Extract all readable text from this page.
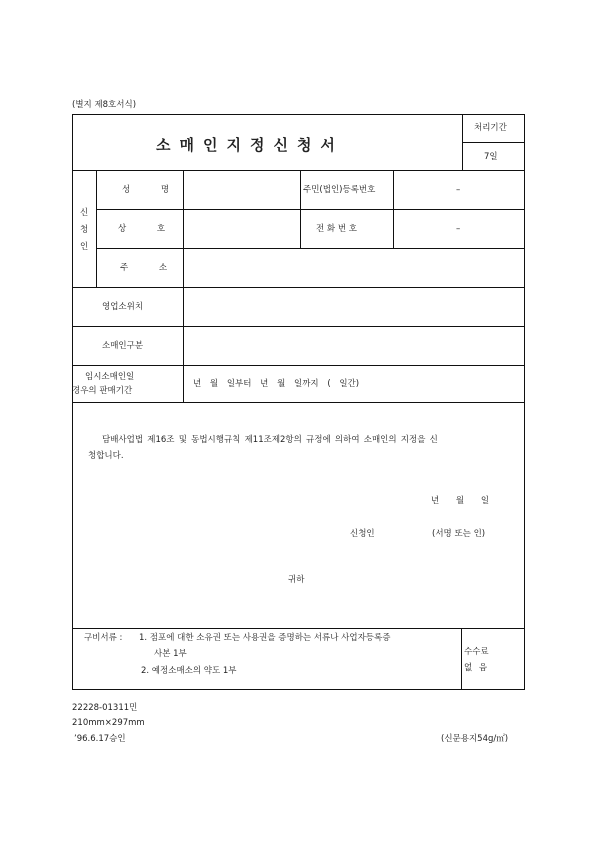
(별지 제8호서식)
소매인지정신청서
처리기간
7일
신
청
인
성 명	주민(법인)등록번호	–
상 호	전 화 번 호	–
주 소
영업소위치
소매인구분
임시소매인일
경우의 판매기간
년 월 일부터 년 월 일까지 ( 일간)
담배사업법 제16조 및 동법시행규칙 제11조제2항의 규정에 의하여 소매인의 지정을 신
청합니다.
년 월 일
신청인	(서명 또는 인)
귀하
구비서류 : 1. 점포에 대한 소유권 또는 사용권을 증명하는 서류나 사업자등록증
사본 1부
2. 예정소매소의 약도 1부
수수료
없 음
22228-01311민
210mm×297mm
’96.6.17승인	(신문용지54g/㎡)
